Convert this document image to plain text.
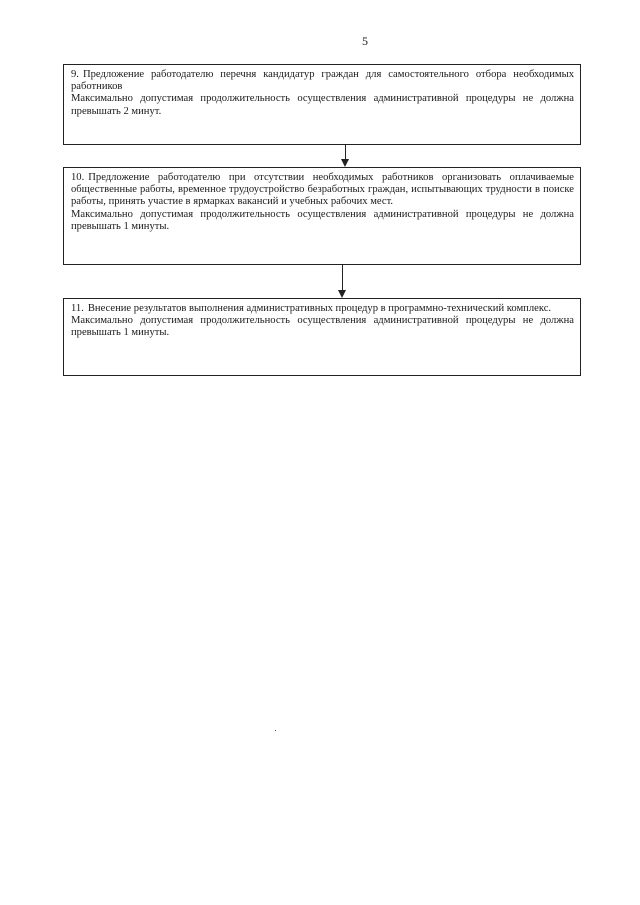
5

9. Предложение работодателю перечня кандидатур граждан для самостоятельного отбора необходимых работников

Максимально допустимая продолжительность осуществления административной процедуры не должна превышать 2 минут.

10. Предложение работодателю при отсутствии необходимых работников организовать оплачиваемые общественные работы, временное трудоустройство безработных граждан, испытывающих трудности в поиске работы, принять участие в ярмарках вакансий и учебных рабочих мест.

Максимально допустимая продолжительность осуществления административной процедуры не должна превышать 1 минуты.

11. Внесение результатов выполнения административных процедур в программно-технический комплекс.

Максимально допустимая продолжительность осуществления административной процедуры не должна превышать 1 минуты.
